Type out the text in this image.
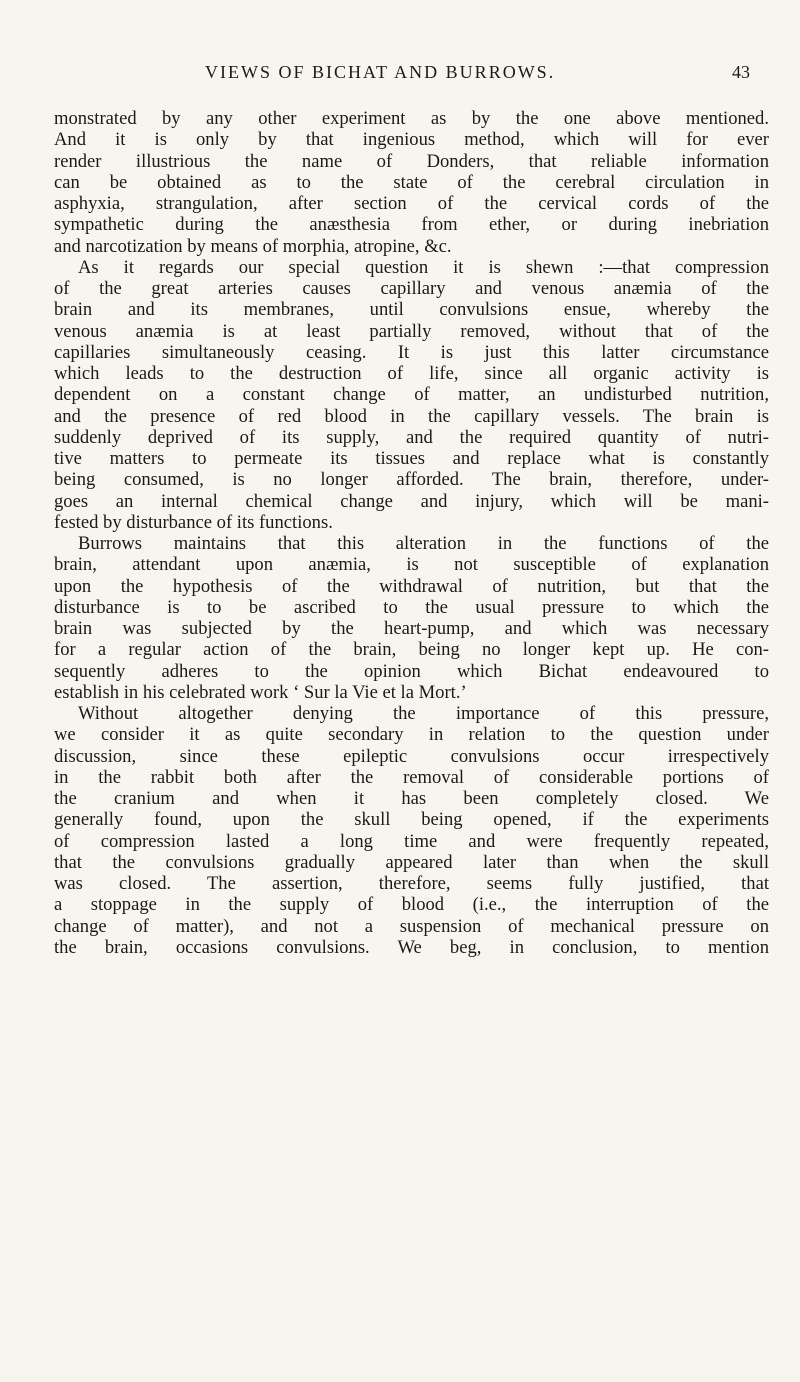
VIEWS OF BICHAT AND BURROWS.	43
monstrated by any other experiment as by the one above mentioned.
And it is only by that ingenious method, which will for ever
render illustrious the name of Donders, that reliable information
can be obtained as to the state of the cerebral circulation in
asphyxia, strangulation, after section of the cervical cords of the
sympathetic during the anæsthesia from ether, or during inebriation
and narcotization by means of morphia, atropine, &c.
As it regards our special question it is shewn :—that compression
of the great arteries causes capillary and venous anæmia of the
brain and its membranes, until convulsions ensue, whereby the
venous anæmia is at least partially removed, without that of the
capillaries simultaneously ceasing. It is just this latter circumstance
which leads to the destruction of life, since all organic activity is
dependent on a constant change of matter, an undisturbed nutrition,
and the presence of red blood in the capillary vessels. The brain is
suddenly deprived of its supply, and the required quantity of nutri-
tive matters to permeate its tissues and replace what is constantly
being consumed, is no longer afforded. The brain, therefore, under-
goes an internal chemical change and injury, which will be mani-
fested by disturbance of its functions.
Burrows maintains that this alteration in the functions of the
brain, attendant upon anæmia, is not susceptible of explanation
upon the hypothesis of the withdrawal of nutrition, but that the
disturbance is to be ascribed to the usual pressure to which the
brain was subjected by the heart-pump, and which was necessary
for a regular action of the brain, being no longer kept up. He con-
sequently adheres to the opinion which Bichat endeavoured to
establish in his celebrated work ‘ Sur la Vie et la Mort.’
Without altogether denying the importance of this pressure,
we consider it as quite secondary in relation to the question under
discussion, since these epileptic convulsions occur irrespectively
in the rabbit both after the removal of considerable portions of
the cranium and when it has been completely closed. We
generally found, upon the skull being opened, if the experiments
of compression lasted a long time and were frequently repeated,
that the convulsions gradually appeared later than when the skull
was closed. The assertion, therefore, seems fully justified, that
a stoppage in the supply of blood (i.e., the interruption of the
change of matter), and not a suspension of mechanical pressure on
the brain, occasions convulsions. We beg, in conclusion, to mention
